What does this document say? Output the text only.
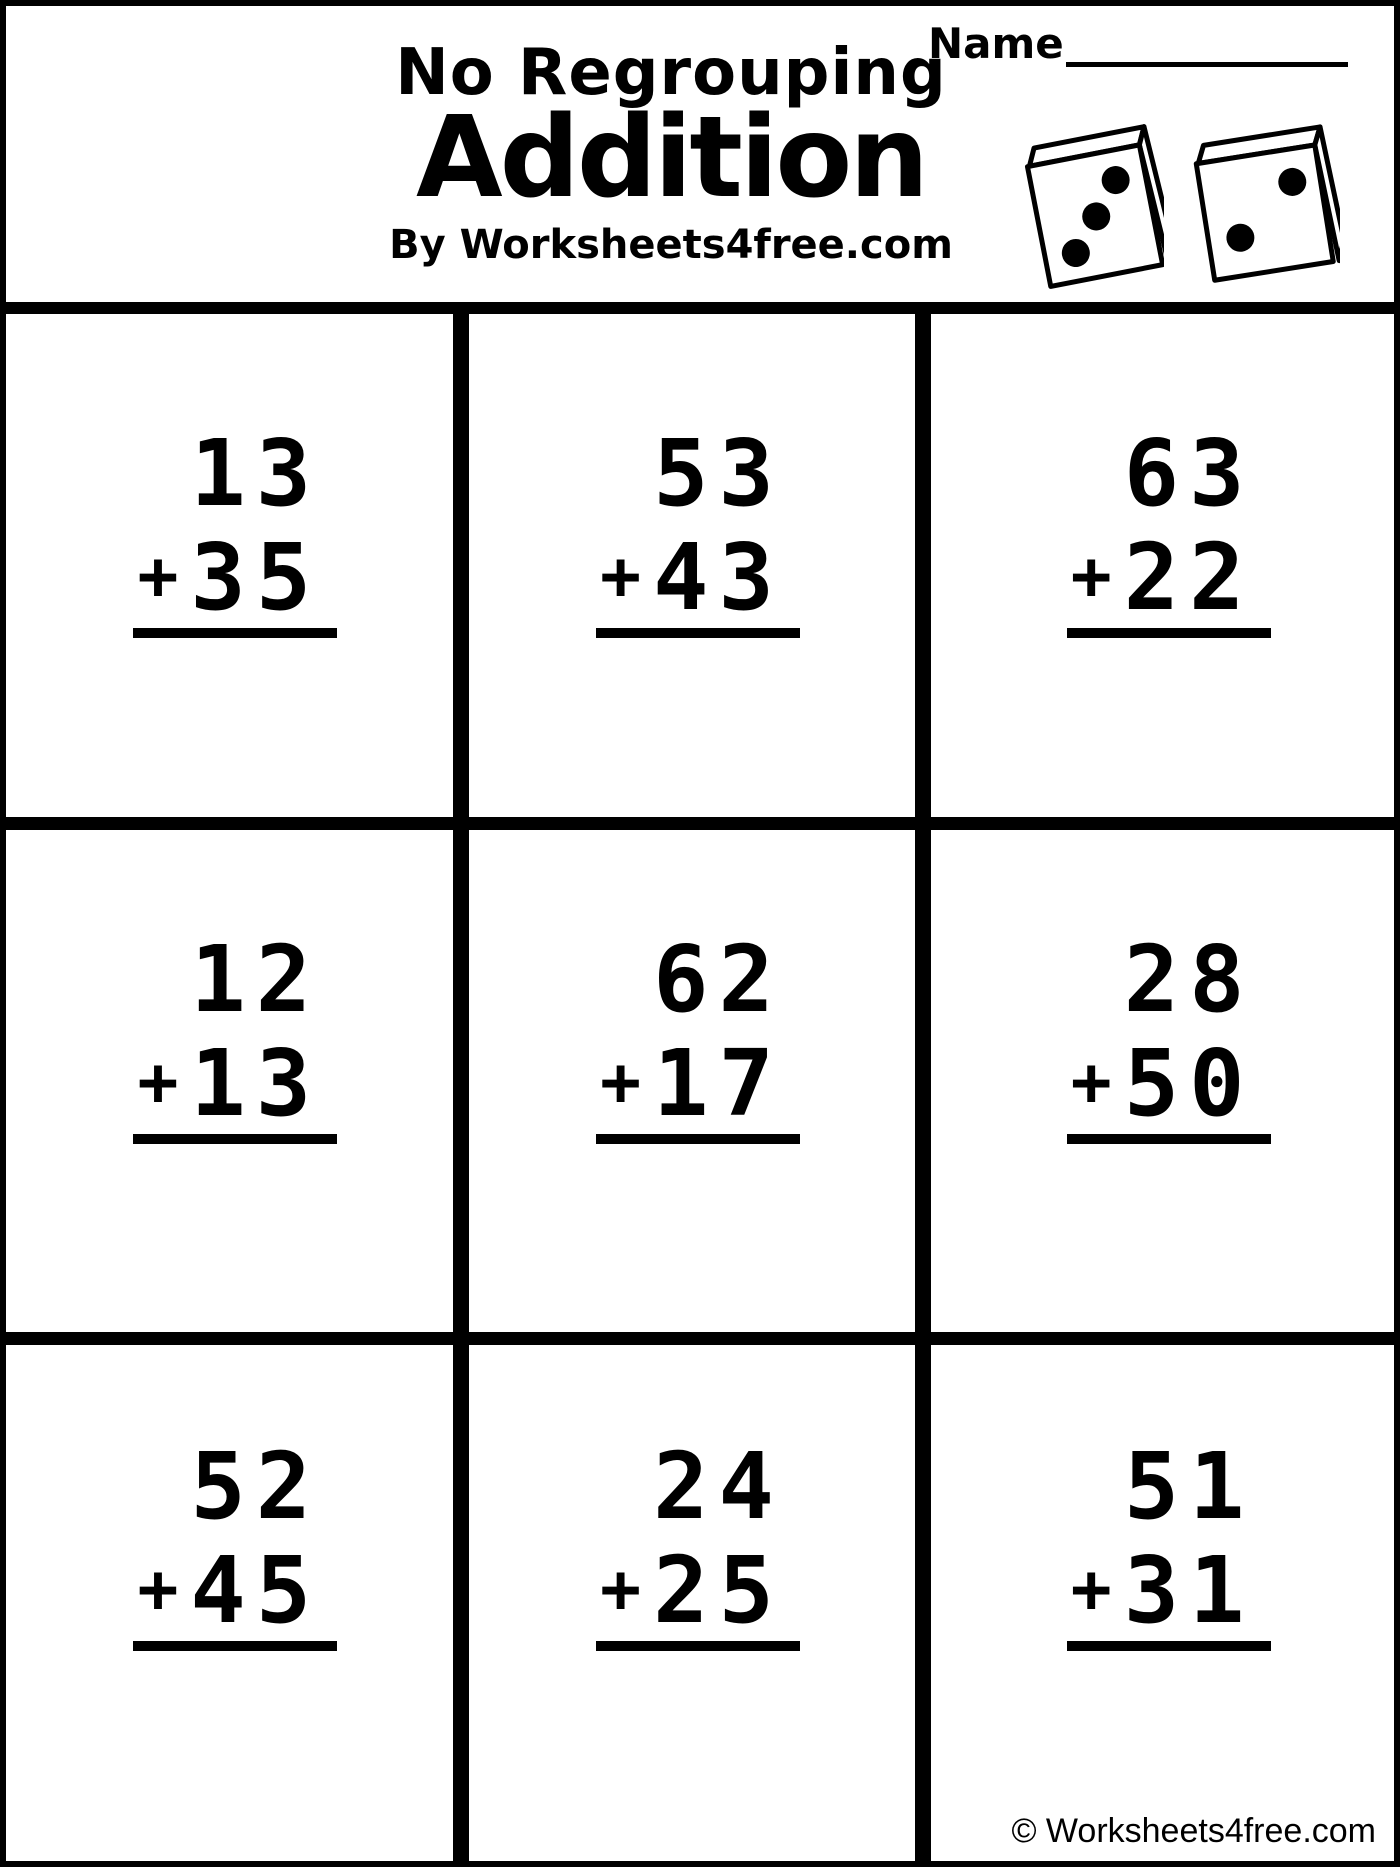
Name
No Regrouping
Addition
By Worksheets4free.com
13
+ 35
53
+ 43
63
+ 22
12
+ 13
62
+ 17
28
+ 50
52
+ 45
24
+ 25
51
+ 31
© Worksheets4free.com
